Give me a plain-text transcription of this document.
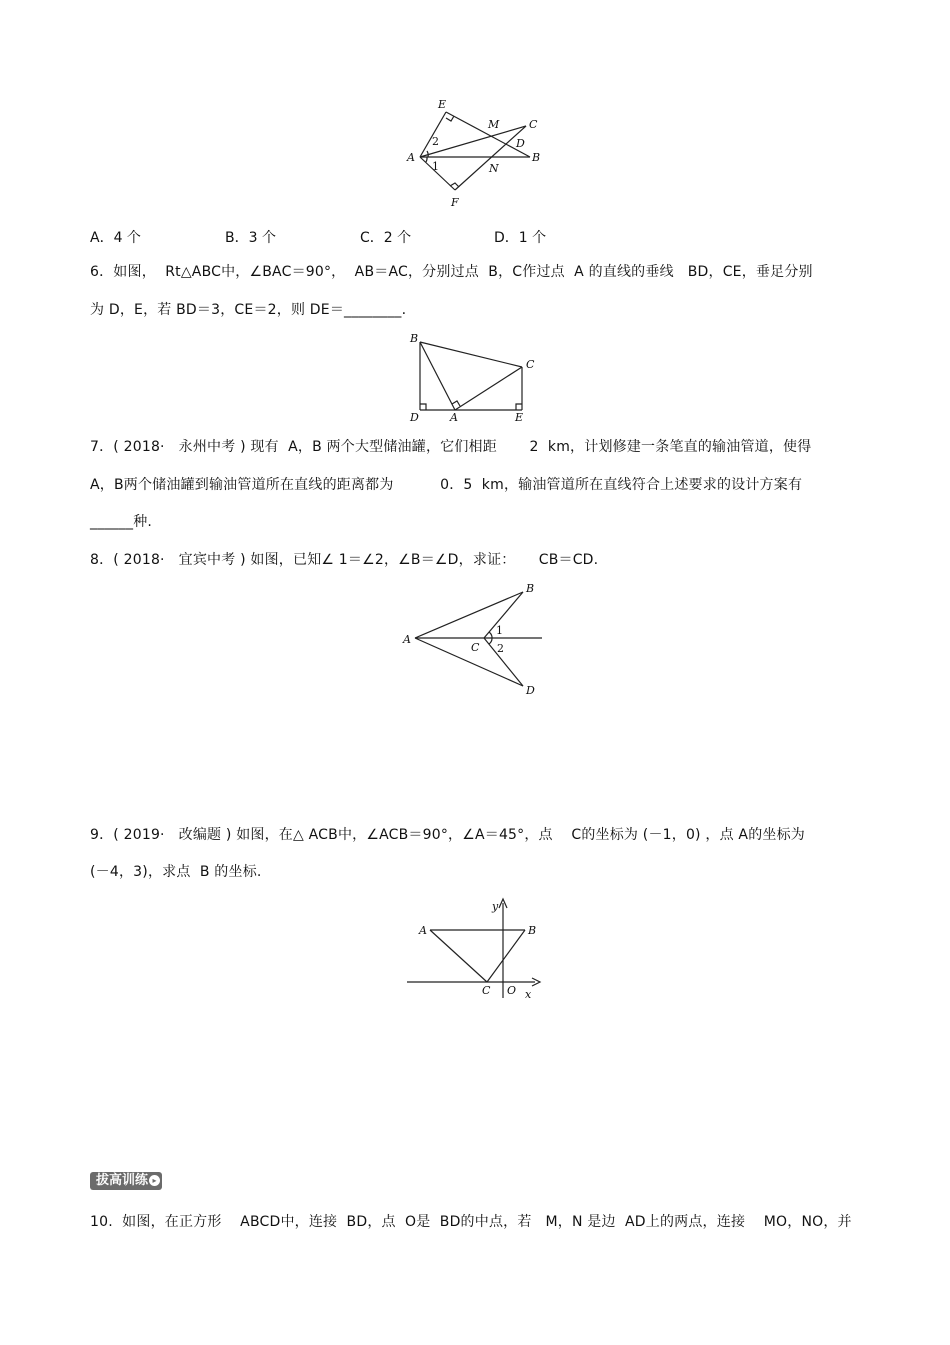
E
M	C
A
D
B
N
F
1
2
A．4 个	B．3 个	C．2 个	D．1 个
6．如图，  Rt△ABC中，∠BAC＝90°，  AB＝AC，分别过点  B，C作过点  A 的直线的垂线   BD，CE，垂足分别
为 D，E，若 BD＝3，CE＝2，则 DE＝________.
B
C
D	A	E
7．( 2018·   永州中考 ) 现有  A，B 两个大型储油罐，它们相距       2  km，计划修建一条笔直的输油管道，使得
A，B两个储油罐到输油管道所在直线的距离都为          0．5  km，输油管道所在直线符合上述要求的设计方案有
______种.
8．( 2018·   宜宾中考 ) 如图，已知∠ 1＝∠2，∠B＝∠D，求证：     CB＝CD.
A
B
C
D
1
2
9．( 2019·   改编题 ) 如图，在△ ACB中，∠ACB＝90°，∠A＝45°，点    C的坐标为 (－1，0) ，点 A的坐标为
(－4，3)，求点  B 的坐标.
y
A	B
C O x
拔高训练 ▸
10.  如图，在正方形    ABCD中，连接  BD，点  O是  BD的中点，若   M，N 是边  AD上的两点，连接    MO，NO，并
